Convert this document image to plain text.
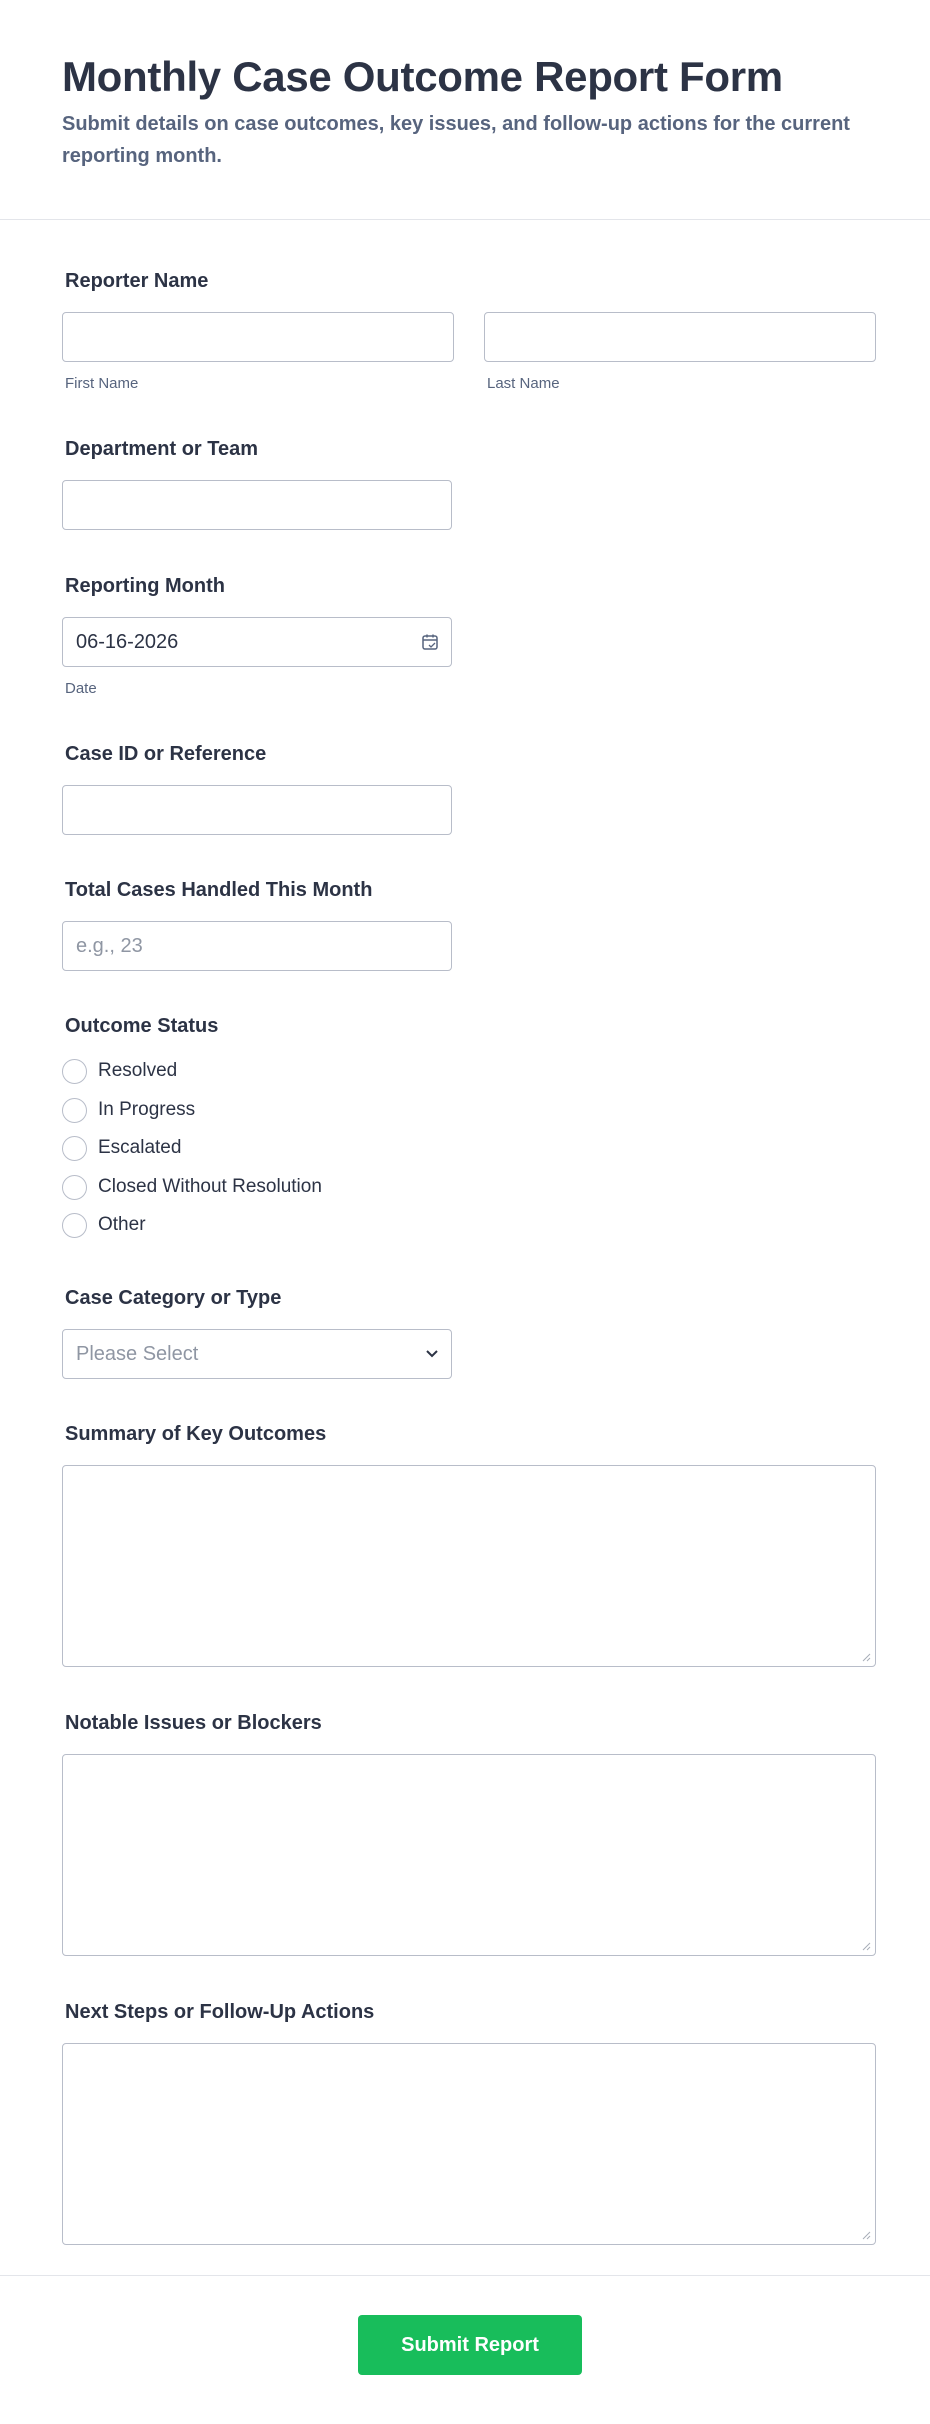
Monthly Case Outcome Report Form

Submit details on case outcomes, key issues, and follow-up actions for the current reporting month.

Reporter Name
First Name	Last Name
Department or Team
Reporting Month
06-16-2026
Date
Case ID or Reference
Total Cases Handled This Month
e.g., 23
Outcome Status
Resolved
In Progress
Escalated
Closed Without Resolution
Other
Case Category or Type
Please Select
Summary of Key Outcomes
Notable Issues or Blockers
Next Steps or Follow-Up Actions
Submit Report
